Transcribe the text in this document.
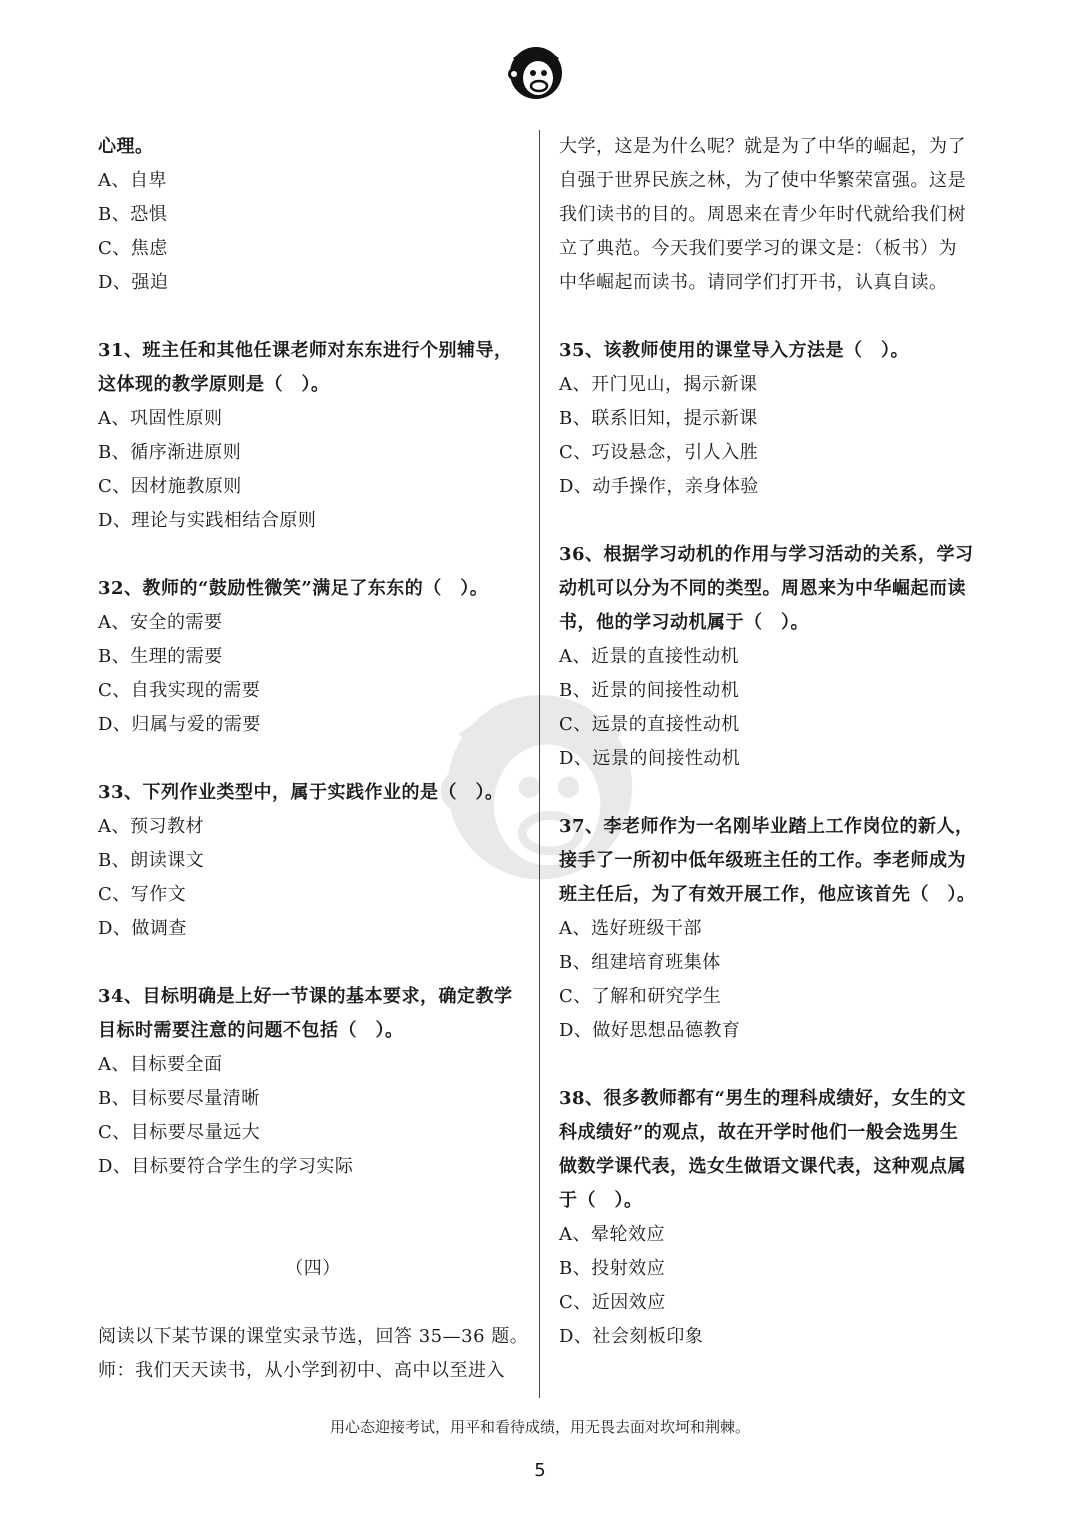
心理。
A、自卑
B、恐惧
C、焦虑
D、强迫
31、班主任和其他任课老师对东东进行个别辅导，
这体现的教学原则是（　）。
A、巩固性原则
B、循序渐进原则
C、因材施教原则
D、理论与实践相结合原则
32、教师的“鼓励性微笑”满足了东东的（　）。
A、安全的需要
B、生理的需要
C、自我实现的需要
D、归属与爱的需要
33、下列作业类型中，属于实践作业的是（　）。
A、预习教材
B、朗读课文
C、写作文
D、做调查
34、目标明确是上好一节课的基本要求，确定教学
目标时需要注意的问题不包括（　）。
A、目标要全面
B、目标要尽量清晰
C、目标要尽量远大
D、目标要符合学生的学习实际
（四）
阅读以下某节课的课堂实录节选，回答 35—36 题。
师：我们天天读书，从小学到初中、高中以至进入
大学，这是为什么呢？就是为了中华的崛起，为了
自强于世界民族之林，为了使中华繁荣富强。这是
我们读书的目的。周恩来在青少年时代就给我们树
立了典范。今天我们要学习的课文是：（板书）为
中华崛起而读书。请同学们打开书，认真自读。
35、该教师使用的课堂导入方法是（　）。
A、开门见山，揭示新课
B、联系旧知，提示新课
C、巧设悬念，引人入胜
D、动手操作，亲身体验
36、根据学习动机的作用与学习活动的关系，学习
动机可以分为不同的类型。周恩来为中华崛起而读
书，他的学习动机属于（　）。
A、近景的直接性动机
B、近景的间接性动机
C、远景的直接性动机
D、远景的间接性动机
37、李老师作为一名刚毕业踏上工作岗位的新人，
接手了一所初中低年级班主任的工作。李老师成为
班主任后，为了有效开展工作，他应该首先（　）。
A、选好班级干部
B、组建培育班集体
C、了解和研究学生
D、做好思想品德教育
38、很多教师都有“男生的理科成绩好，女生的文
科成绩好”的观点，故在开学时他们一般会选男生
做数学课代表，选女生做语文课代表，这种观点属
于（　）。
A、晕轮效应
B、投射效应
C、近因效应
D、社会刻板印象
用心态迎接考试，用平和看待成绩，用无畏去面对坎坷和荆棘。
5
